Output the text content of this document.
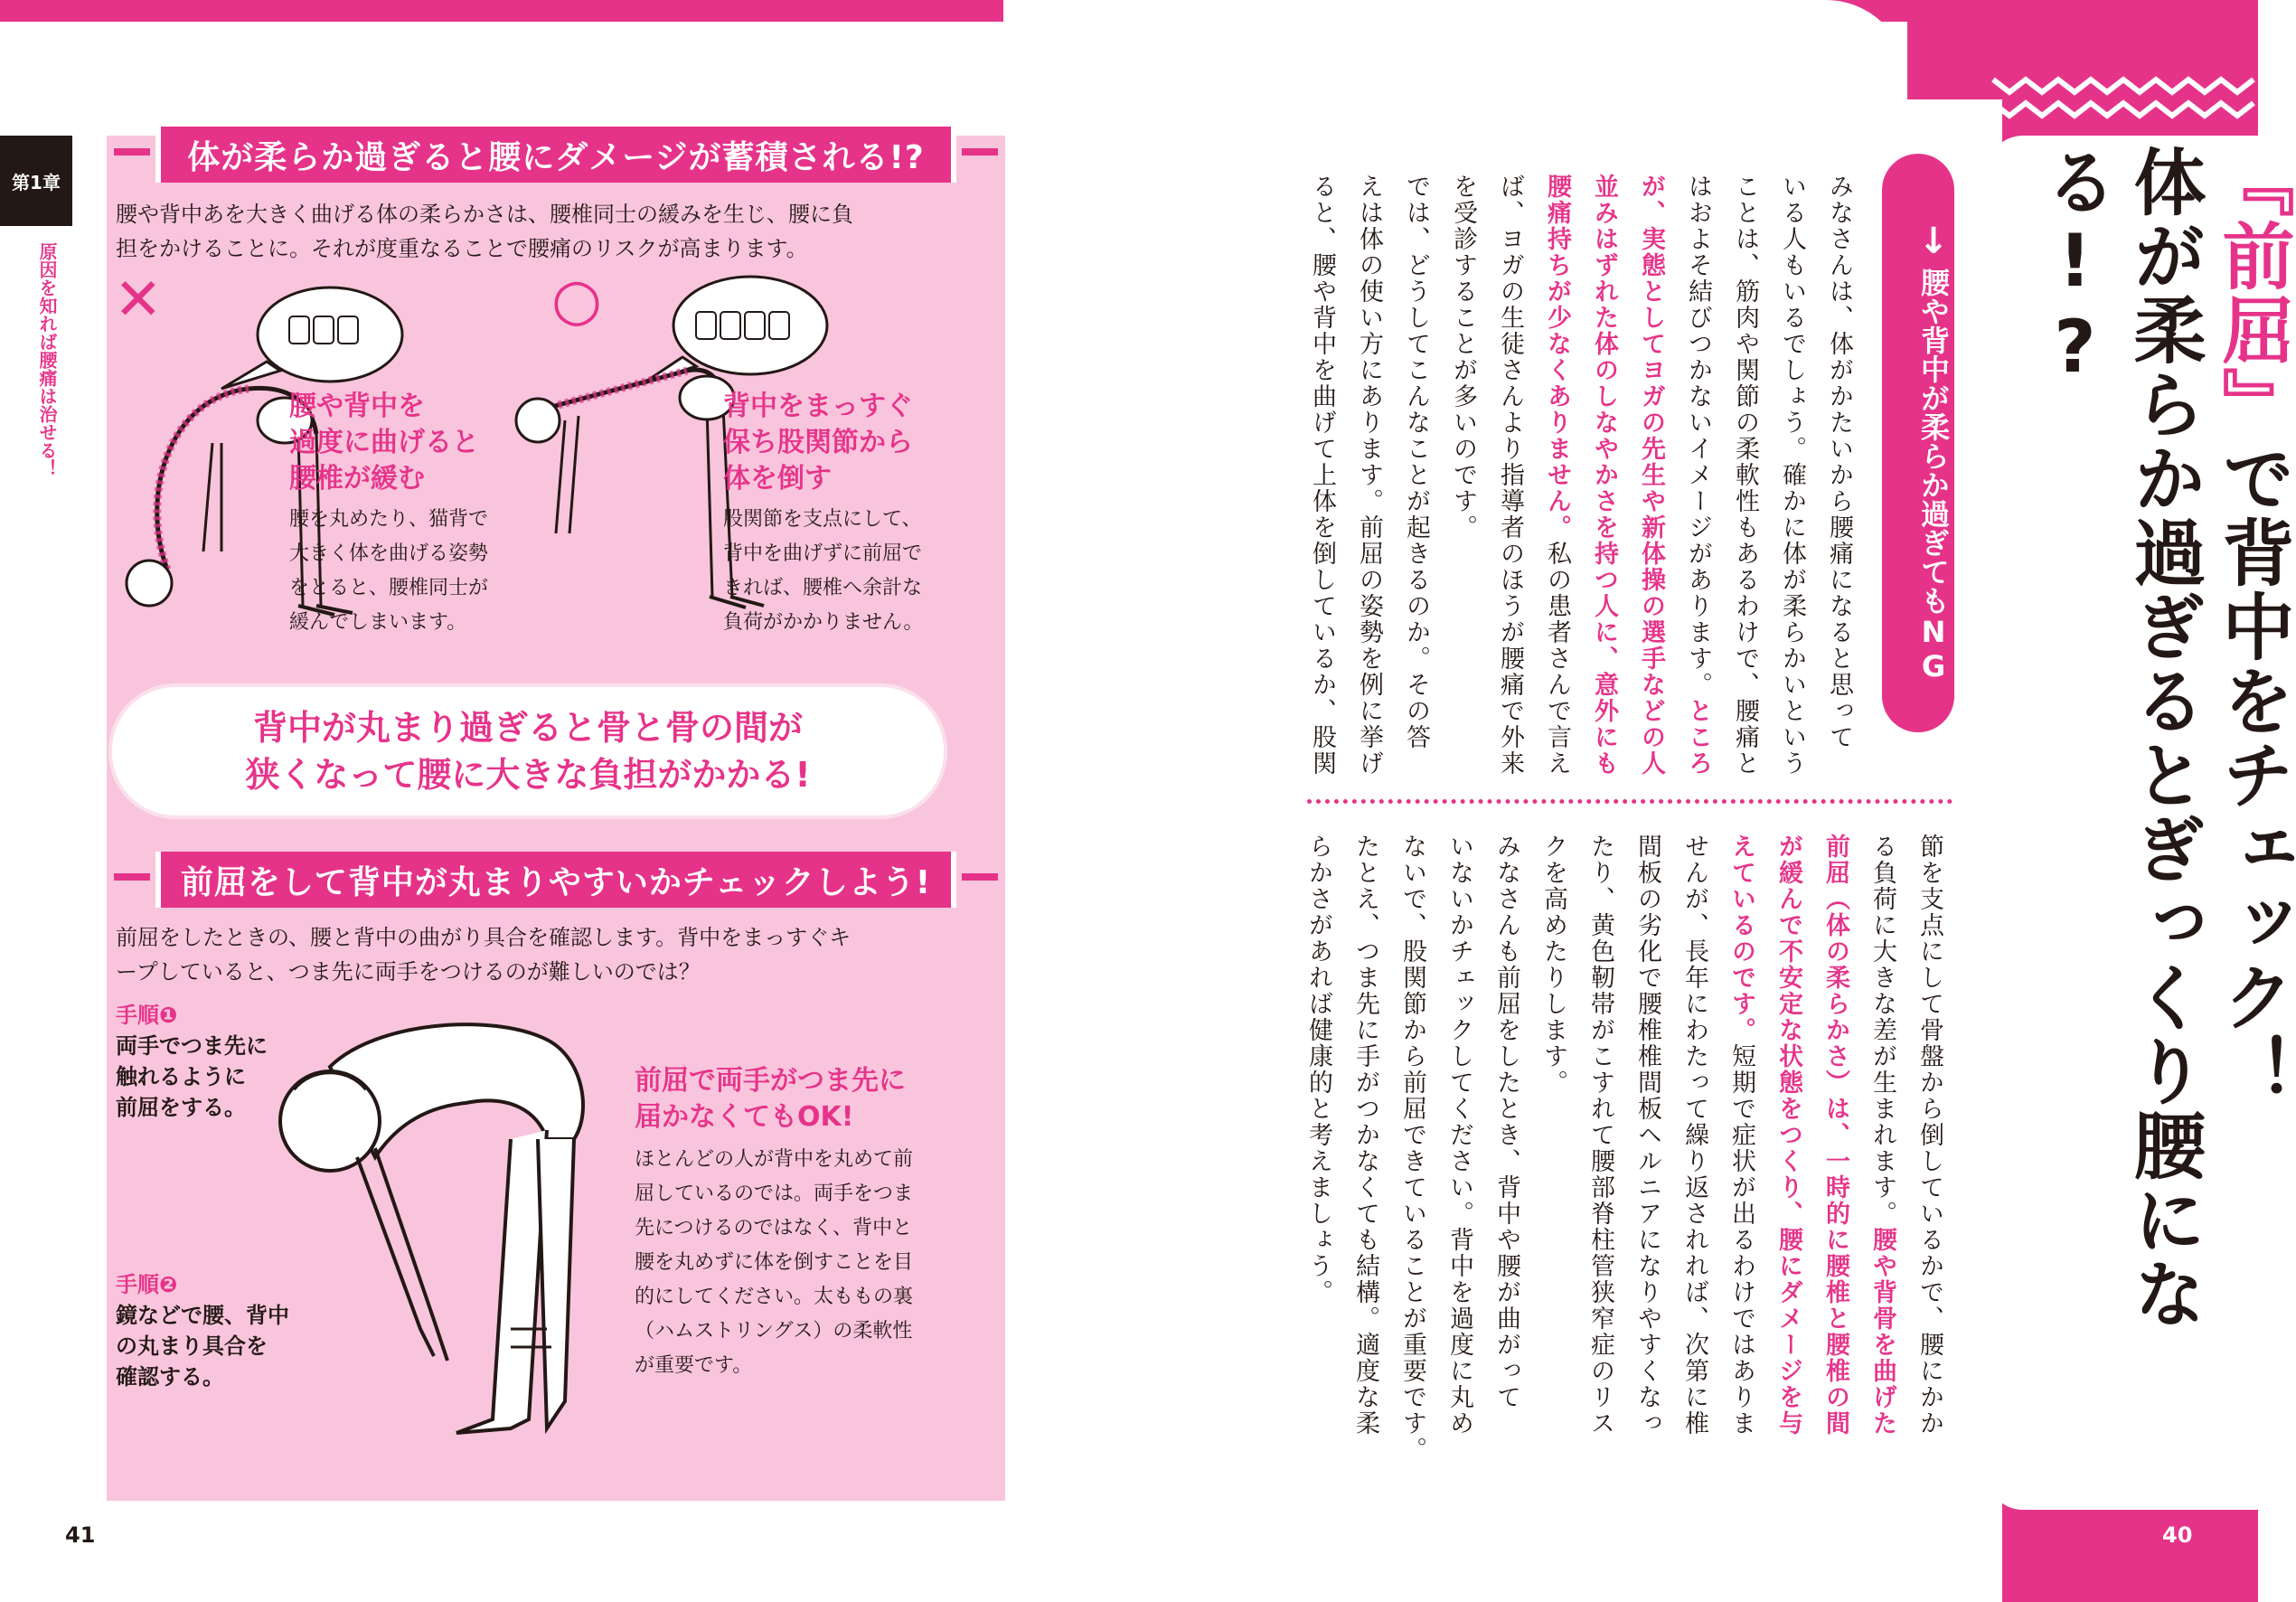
第1章
原因を知れば腰痛は治せる！
体が柔らか過ぎると腰にダメージが蓄積される!?
腰や背中あを大きく曲げる体の柔らかさは、腰椎同士の緩みを生じ、腰に負
担をかけることに。それが度重なることで腰痛のリスクが高まります。
✕	○
腰や背中を
過度に曲げると
腰椎が緩む
腰を丸めたり、猫背で
大きく体を曲げる姿勢
をとると、腰椎同士が
緩んでしまいます。
背中をまっすぐ
保ち股関節から
体を倒す
股関節を支点にして、
背中を曲げずに前屈で
きれば、腰椎へ余計な
負荷がかかりません。
背中が丸まり過ぎると骨と骨の間が
狭くなって腰に大きな負担がかかる!
前屈をして背中が丸まりやすいかチェックしよう!
前屈をしたときの、腰と背中の曲がり具合を確認します。背中をまっすぐキ
ープしていると、つま先に両手をつけるのが難しいのでは？
手順❶
両手でつま先に
触れるように
前屈をする。
手順❷
鏡などで腰、背中
の丸まり具合を
確認する。
前屈で両手がつま先に
届かなくてもOK!
ほとんどの人が背中を丸めて前
屈しているのでは。両手をつま
先につけるのではなく、背中と
腰を丸めずに体を倒すことを目
的にしてください。太ももの裏
（ハムストリングス）の柔軟性
が重要です。
41
『前屈』で背中をチェック！
体が柔らか過ぎるとぎっくり腰になる!?
↓
腰や背中が柔らか過ぎてもNG
みなさんは、体がかたいから腰痛になると思って
いる人もいるでしょう。確かに体が柔らかいという
ことは、筋肉や関節の柔軟性もあるわけで、腰痛と
はおよそ結びつかないイメージがあります。ところ
が、実態としてヨガの先生や新体操の選手などの人
並みはずれた体のしなやかさを持つ人に、意外にも
腰痛持ちが少なくありません。私の患者さんで言え
ば、ヨガの生徒さんより指導者のほうが腰痛で外来
を受診することが多いのです。
では、どうしてこんなことが起きるのか。その答
えは体の使い方にあります。前屈の姿勢を例に挙げ
ると、腰や背中を曲げて上体を倒しているか、股関
節を支点にして骨盤から倒しているかで、腰にかか
る負荷に大きな差が生まれます。腰や背骨を曲げた
前屈（体の柔らかさ）は、一時的に腰椎と腰椎の間
が緩んで不安定な状態をつくり、腰にダメージを与
えているのです。短期で症状が出るわけではありま
せんが、長年にわたって繰り返されれば、次第に椎
間板の劣化で腰椎椎間板ヘルニアになりやすくなっ
たり、黄色靭帯がこすれて腰部脊柱管狭窄症のリス
クを高めたりします。
みなさんも前屈をしたとき、背中や腰が曲がって
いないかチェックしてください。背中を過度に丸め
ないで、股関節から前屈できていることが重要です。
たとえ、つま先に手がつかなくても結構。適度な柔
らかさがあれば健康的と考えましょう。
40
